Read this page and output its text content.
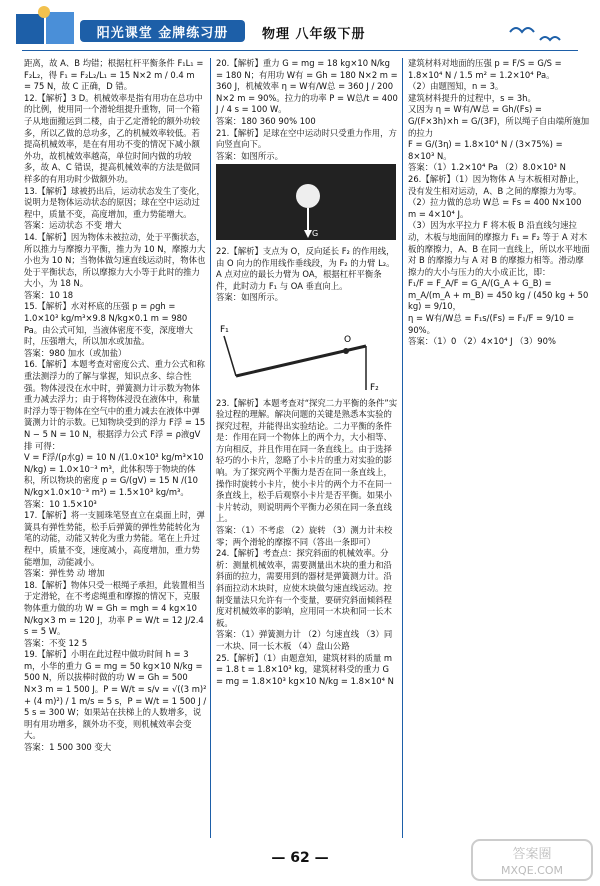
阳光课堂 金牌练习册	物理 八年级下册

距离，故 A、B 均错；根据杠杆平衡条件 F₁L₁ = F₂L₂，得 F₁ = F₂L₂/L₁ = 15 N×2 m / 0.4 m

= 75 N，故 C 正确，D 错。

12.【解析】3 D。机械效率是指有用功在总功中的比例，使用同一个滑轮组提升重物，同一个箱子从地面搬运到二楼，由于乙定滑轮的额外功较多，所以乙做的总功多，乙的机械效率较低。若提高机械效率，是在有用功不变的情况下减小额外功，故机械效率越高，单位时间内做的功较多，故 A、C 错误，提高机械效率的方法是做同样多的有用功时少做额外功。

13.【解析】球被扔出后，运动状态发生了变化，说明力是物体运动状态的原因；球在空中运动过程中，质量不变，高度增加，重力势能增大。

答案：运动状态 不变 增大

14.【解析】因为物体未被拉动，处于平衡状态，所以推力与摩擦力平衡，推力为 10 N，摩擦力大小也为 10 N；当物体做匀速直线运动时，物体也处于平衡状态，所以摩擦力大小等于此时的推力大小，为 18 N。

答案：10 18

15.【解析】水对杯底的压强 p = ρgh = 1.0×10³ kg/m³×9.8 N/kg×0.1 m = 980 Pa。由公式可知，当液体密度不变，深度增大时，压强增大，所以加水或加盐。

答案：980 加水（或加盐）

16.【解析】本题考查对密度公式、重力公式和称重法测浮力的了解与掌握，知识点多、综合性强。物体浸没在水中时，弹簧测力计示数为物体重力减去浮力；由于将物体浸没在液体中，称量时浮力等于物体在空气中的重力减去在液体中弹簧测力计的示数。已知物块受到的浮力 F浮 = 15 N − 5 N = 10 N，根据浮力公式 F浮 = ρ液gV排 可得：

V = F浮/(ρ水g) = 10 N /(1.0×10³ kg/m³×10 N/kg) = 1.0×10⁻³ m³，此体积等于物块的体积，所以物块的密度 ρ = G/(gV) = 15 N /(10 N/kg×1.0×10⁻³ m³) = 1.5×10³ kg/m³。

答案：10 1.5×10³

17.【解析】将一支圆珠笔竖直立在桌面上时，弹簧具有弹性势能，松手后弹簧的弹性势能转化为笔的动能，动能又转化为重力势能。笔在上升过程中，质量不变，速度减小，高度增加，重力势能增加，动能减小。

答案：弹性势 动 增加

18.【解析】物体只受一根绳子承担，此装置相当于定滑轮，在不考虑绳重和摩擦的情况下，克服物体重力做的功 W = Gh = mgh = 4 kg×10 N/kg×3 m = 120 J，功率 P = W/t = 12 J/2.4 s = 5 W。

答案：不变 12 5

19.【解析】小明在此过程中做功时间 h = 3 m，小华的重力 G = mg = 50 kg×10 N/kg = 500 N，所以拔棒时做的功 W = Gh = 500 N×3 m = 1 500 J。P = W/t = s/v = √((3 m)² + (4 m)²) / 1 m/s = 5 s，P = W/t = 1 500 J / 5 s = 300 W；如果站在扶梯上的人数增多，说明有用功增多，额外功不变，则机械效率会变大。

答案：1 500 300 变大

20.【解析】重力 G = mg = 18 kg×10 N/kg = 180 N；有用功 W有 = Gh = 180 N×2 m = 360 J，机械效率 η = W有/W总 = 360 J / 200 N×2 m = 90%。拉力的功率 P = W总/t = 400 J / 4 s = 100 W。

答案：180 360 90% 100

21.【解析】足球在空中运动时只受重力作用，方向竖直向下。

答案：如图所示。

G

22.【解析】支点为 O，反向延长 F₂ 的作用线，由 O 向力的作用线作垂线段，为 F₂ 的力臂 L₂。A 点对应的最长力臂为 OA，根据杠杆平衡条件，此时动力 F₁ 与 OA 垂直向上。

答案：如图所示。

F₁
F₂
O

23.【解析】本题考查对“探究二力平衡的条件”实验过程的理解。解决问题的关键是熟悉本实验的探究过程，并能得出实验结论。二力平衡的条件是：作用在同一个物体上的两个力，大小相等、方向相反，并且作用在同一条直线上。由于选择轻巧的小卡片，忽略了小卡片的重力对实验的影响。为了探究两个平衡力是否在同一条直线上，操作时旋转小卡片，使小卡片的两个力不在同一条直线上，松手后观察小卡片是否平衡。如果小卡片转动，则说明两个平衡力必须在同一条直线上。

答案：（1）不考虑 （2）旋转 （3）测力计未校零；两个滑轮的摩擦不同（答出一条即可）

24.【解析】考查点：探究斜面的机械效率。分析：测量机械效率，需要测量出木块的重力和沿斜面的拉力，需要用到的器材是弹簧测力计。沿斜面拉动木块时，应使木块做匀速直线运动。控制变量法只允许有一个变量，要研究斜面倾斜程度对机械效率的影响，应用同一木块和同一长木板。

答案：（1）弹簧测力计 （2）匀速直线 （3）同一木块、同一长木板 （4）盘山公路

25.【解析】（1）由题意知，建筑材料的质量 m = 1.8 t = 1.8×10³ kg，建筑材料受的重力 G = mg = 1.8×10³ kg×10 N/kg = 1.8×10⁴ N

建筑材料对地面的压强 p = F/S = G/S = 1.8×10⁴ N / 1.5 m² = 1.2×10⁴ Pa。

（2）由题图知，n = 3。

建筑材料提升的过程中，s = 3h。

又因为 η = W有/W总 = Gh/(Fs) = G/(F×3h)×h = G/(3F)，所以绳子自由端所施加的拉力

F = G/(3η) = 1.8×10⁴ N / (3×75%) = 8×10³ N。

答案：（1）1.2×10⁴ Pa （2）8.0×10³ N

26.【解析】（1）因为物体 A 与木板相对静止，没有发生相对运动，A、B 之间的摩擦力为零。

（2）拉力做的总功 W总 = Fs = 400 N×100 m = 4×10⁴ J。

（3）因为水平拉力 F 将木板 B 沿直线匀速拉动，木板与地面间的摩擦力 F₁ = F₂ 等于 A 对木板的摩擦力，A、B 在同一直线上，所以水平地面对 B 的摩擦力与 A 对 B 的摩擦力相等。滑动摩擦力的大小与压力的大小成正比，即：

F₁/F = F_A/F = G_A/(G_A + G_B) = m_A/(m_A + m_B) = 450 kg / (450 kg + 50 kg) = 9/10，

η = W有/W总 = F₁s/(Fs) = F₁/F = 9/10 = 90%。

答案：（1）0 （2）4×10⁴ J （3）90%

— 62 —	答案圈
MXQE.COM
